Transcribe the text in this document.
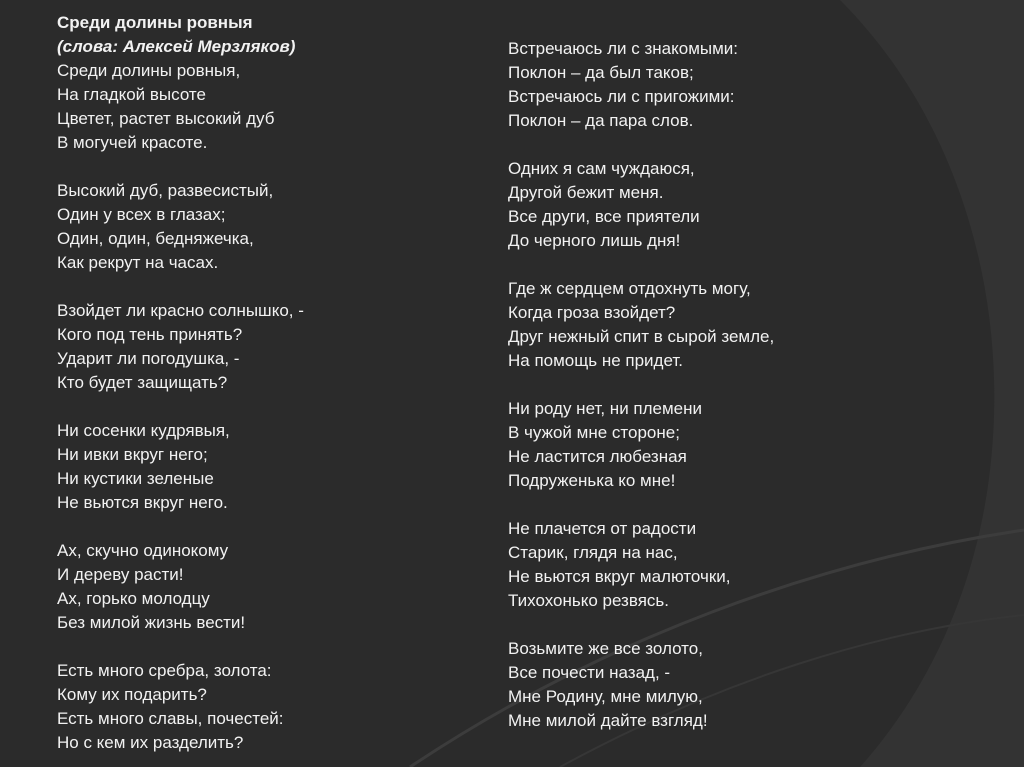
Среди долины ровныя
(слова: Алексей Мерзляков)
Среди долины ровныя,
На гладкой высоте
Цветет, растет высокий дуб
В могучей красоте.
Высокий дуб, развесистый,
Один у всех в глазах;
Один, один, бедняжечка,
Как рекрут на часах.
Взойдет ли красно солнышко, -
Кого под тень принять?
Ударит ли погодушка, -
Кто будет защищать?
Ни сосенки кудрявыя,
Ни ивки вкруг него;
Ни кустики зеленые
Не вьются вкруг него.
Ах, скучно одинокому
И дереву расти!
Ах, горько молодцу
Без милой жизнь вести!
Есть много сребра, золота:
Кому их подарить?
Есть много славы, почестей:
Но с кем их разделить?
Встречаюсь ли с знакомыми:
Поклон – да был таков;
Встречаюсь ли с пригожими:
Поклон – да пара слов.
Одних я сам чуждаюся,
Другой бежит меня.
Все други, все приятели
До черного лишь дня!
Где ж сердцем отдохнуть могу,
Когда гроза взойдет?
Друг нежный спит в сырой земле,
На помощь не придет.
Ни роду нет, ни племени
В чужой мне стороне;
Не ластится любезная
Подруженька ко мне!
Не плачется от радости
Старик, глядя на нас,
Не вьются вкруг малюточки,
Тихохонько резвясь.
Возьмите же все золото,
Все почести назад, -
Мне Родину, мне милую,
Мне милой дайте взгляд!
